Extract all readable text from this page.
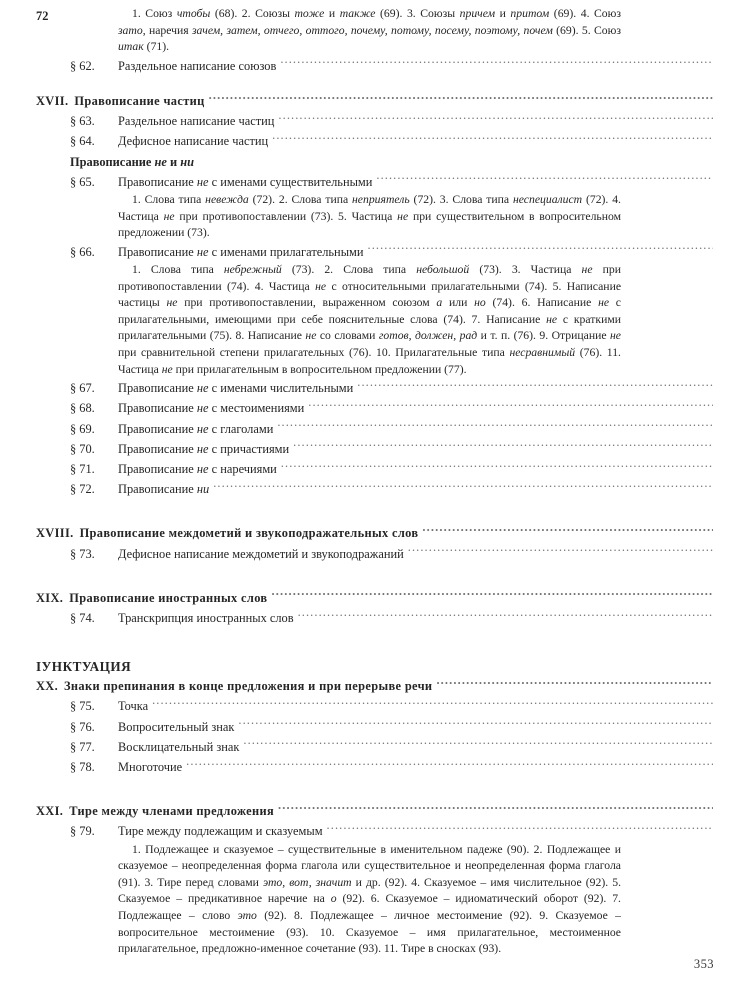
1. Союз чтобы (68). 2. Союзы тоже и также (69). 3. Союзы причем и притом (69). 4. Союз зато, наречия зачем, затем, отчего, оттого, почему, потому, посему, поэтому, почем (69). 5. Союз итак (71).
§ 62.	Раздельное написание союзов
.....
XVII. Правописание частиц
.....
§ 63.	Раздельное написание частиц
.....
§ 64.	Дефисное написание частиц
.....
Правописание не и ни
72
§ 65.	Правописание не с именами существительными
.....
1. Слова типа невежда (72). 2. Слова типа неприятель (72). 3. Слова типа неспециалист (72). 4. Частица не при противопоставлении (73). 5. Частица не при существительном в вопросительном предложении (73).
§ 66.	Правописание не с именами прилагательными
.....
1. Слова типа небрежный (73). 2. Слова типа небольшой (73). 3. Частица не при противопоставлении (74). 4. Частица не с относительными прилагательными (74). 5. Написание частицы не при противопоставлении, выраженном союзом а или но (74). 6. Написание не с прилагательными, имеющими при себе пояснительные слова (74). 7. Написание не с краткими прилагательными (75). 8. Написание не со словами готов, должен, рад и т. п. (76). 9. Отрицание не при сравнительной степени прилагательных (76). 10. Прилагательные типа несравнимый (76). 11. Частица не при прилагательным в вопросительном предложении (77).
§ 67.	Правописание не с именами числительными
.....
§ 68.	Правописание не с местоимениями
.....
§ 69.	Правописание не с глаголами
.....
§ 70.	Правописание не с причастиями
.....
§ 71.	Правописание не с наречиями
.....
§ 72.	Правописание ни
.....
XVIII. Правописание междометий и звукоподражательных слов
.....
§ 73.	Дефисное написание междометий и звукоподражаний
.....
XIX. Правописание иностранных слов
.....
§ 74.	Транскрипция иностранных слов
.....
ІУНКТУАЦИЯ
XX. Знаки препинания в конце предложения и при перерыве речи
.....
§ 75.	Точка
.....
§ 76.	Вопросительный знак
.....
§ 77.	Восклицательный знак
.....
§ 78.	Многоточие
.....
XXI. Тире между членами предложения
.....
§ 79.	Тире между подлежащим и сказуемым
.....
1. Подлежащее и сказуемое – существительные в именительном падеже (90). 2. Подлежащее и сказуемое – неопределенная форма глагола или существительное и неопределенная форма глагола (91). 3. Тире перед словами это, вот, значит и др. (92). 4. Сказуемое – имя числительное (92). 5. Сказуемое – предикативное наречие на о (92). 6. Сказуемое – идиоматический оборот (92). 7. Подлежащее – слово это (92). 8. Подлежащее – личное местоимение (92). 9. Сказуемое – вопросительное местоимение (93). 10. Сказуемое – имя прилагательное, местоименное прилагательное, предложно-именное сочетание (93). 11. Тире в сносках (93).
353
